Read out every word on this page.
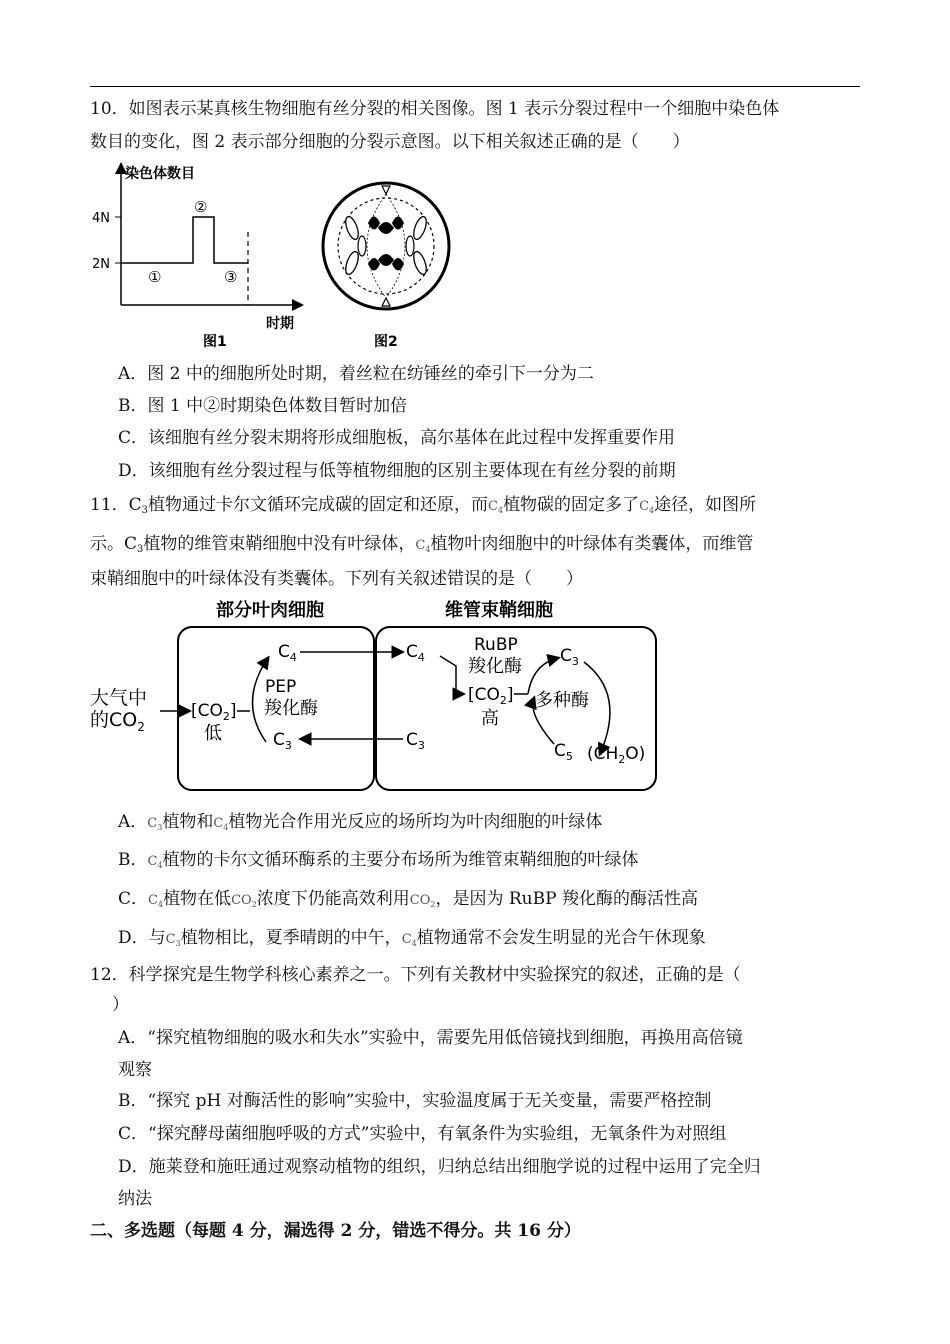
10．如图表示某真核生物细胞有丝分裂的相关图像。图 1 表示分裂过程中一个细胞中染色体
数目的变化，图 2 表示部分细胞的分裂示意图。以下相关叙述正确的是（　　）
染色体数目
4N
2N
①
②
③
时期
图1	图2
A．图 2 中的细胞所处时期，着丝粒在纺锤丝的牵引下一分为二
B．图 1 中②时期染色体数目暂时加倍
C．该细胞有丝分裂末期将形成细胞板，高尔基体在此过程中发挥重要作用
D．该细胞有丝分裂过程与低等植物细胞的区别主要体现在有丝分裂的前期
11．$C_3$植物通过卡尔文循环完成碳的固定和还原，而$C_4$植物碳的固定多了$C_4$途径，如图所
示。$C_3$植物的维管束鞘细胞中没有叶绿体，$C_4$植物叶肉细胞中的叶绿体有类囊体，而维管
束鞘细胞中的叶绿体没有类囊体。下列有关叙述错误的是（　　）
部分叶肉细胞	维管束鞘细胞
大气中
的$CO_2$
$[CO_2]$
低
PEP
羧化酶
$C_4$
$C_3$
$C_4$
$C_3$
RuBP
羧化酶
$[CO_2]$
高
$C_3$
多种酶
$C_5$ $(CH_2O)$
A．$C_3$植物和$C_4$植物光合作用光反应的场所均为叶肉细胞的叶绿体
B．$C_4$植物的卡尔文循环酶系的主要分布场所为维管束鞘细胞的叶绿体
C．$C_4$植物在低$CO_2$浓度下仍能高效利用$CO_2$，是因为 RuBP 羧化酶的酶活性高
D．与$C_3$植物相比，夏季晴朗的中午，$C_4$植物通常不会发生明显的光合午休现象
12．科学探究是生物学科核心素养之一。下列有关教材中实验探究的叙述，正确的是（
）
A．“探究植物细胞的吸水和失水”实验中，需要先用低倍镜找到细胞，再换用高倍镜
观察
B．“探究 pH 对酶活性的影响”实验中，实验温度属于无关变量，需要严格控制
C．“探究酵母菌细胞呼吸的方式”实验中，有氧条件为实验组，无氧条件为对照组
D．施莱登和施旺通过观察动植物的组织，归纳总结出细胞学说的过程中运用了完全归
纳法
二、多选题（每题 4 分，漏选得 2 分，错选不得分。共 16 分）
